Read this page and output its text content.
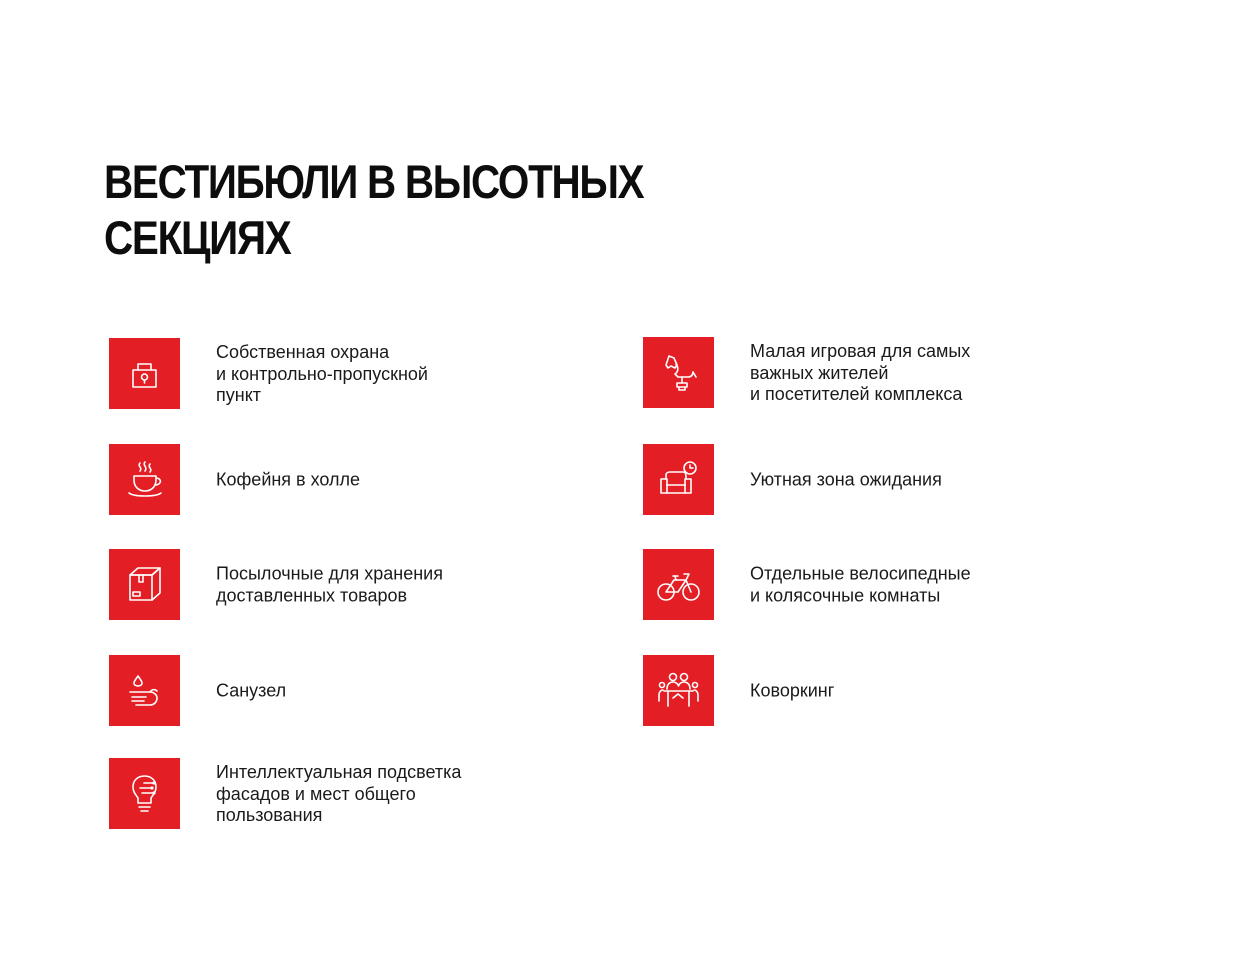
ВЕСТИБЮЛИ В ВЫСОТНЫХ
СЕКЦИЯХ
Собственная охрана
и контрольно-пропускной
пункт
Кофейня в холле
Посылочные для хранения
доставленных товаров
Санузел
Интеллектуальная подсветка
фасадов и мест общего
пользования
Малая игровая для самых
важных жителей
и посетителей комплекса
Уютная зона ожидания
Отдельные велосипедные
и колясочные комнаты
Коворкинг
